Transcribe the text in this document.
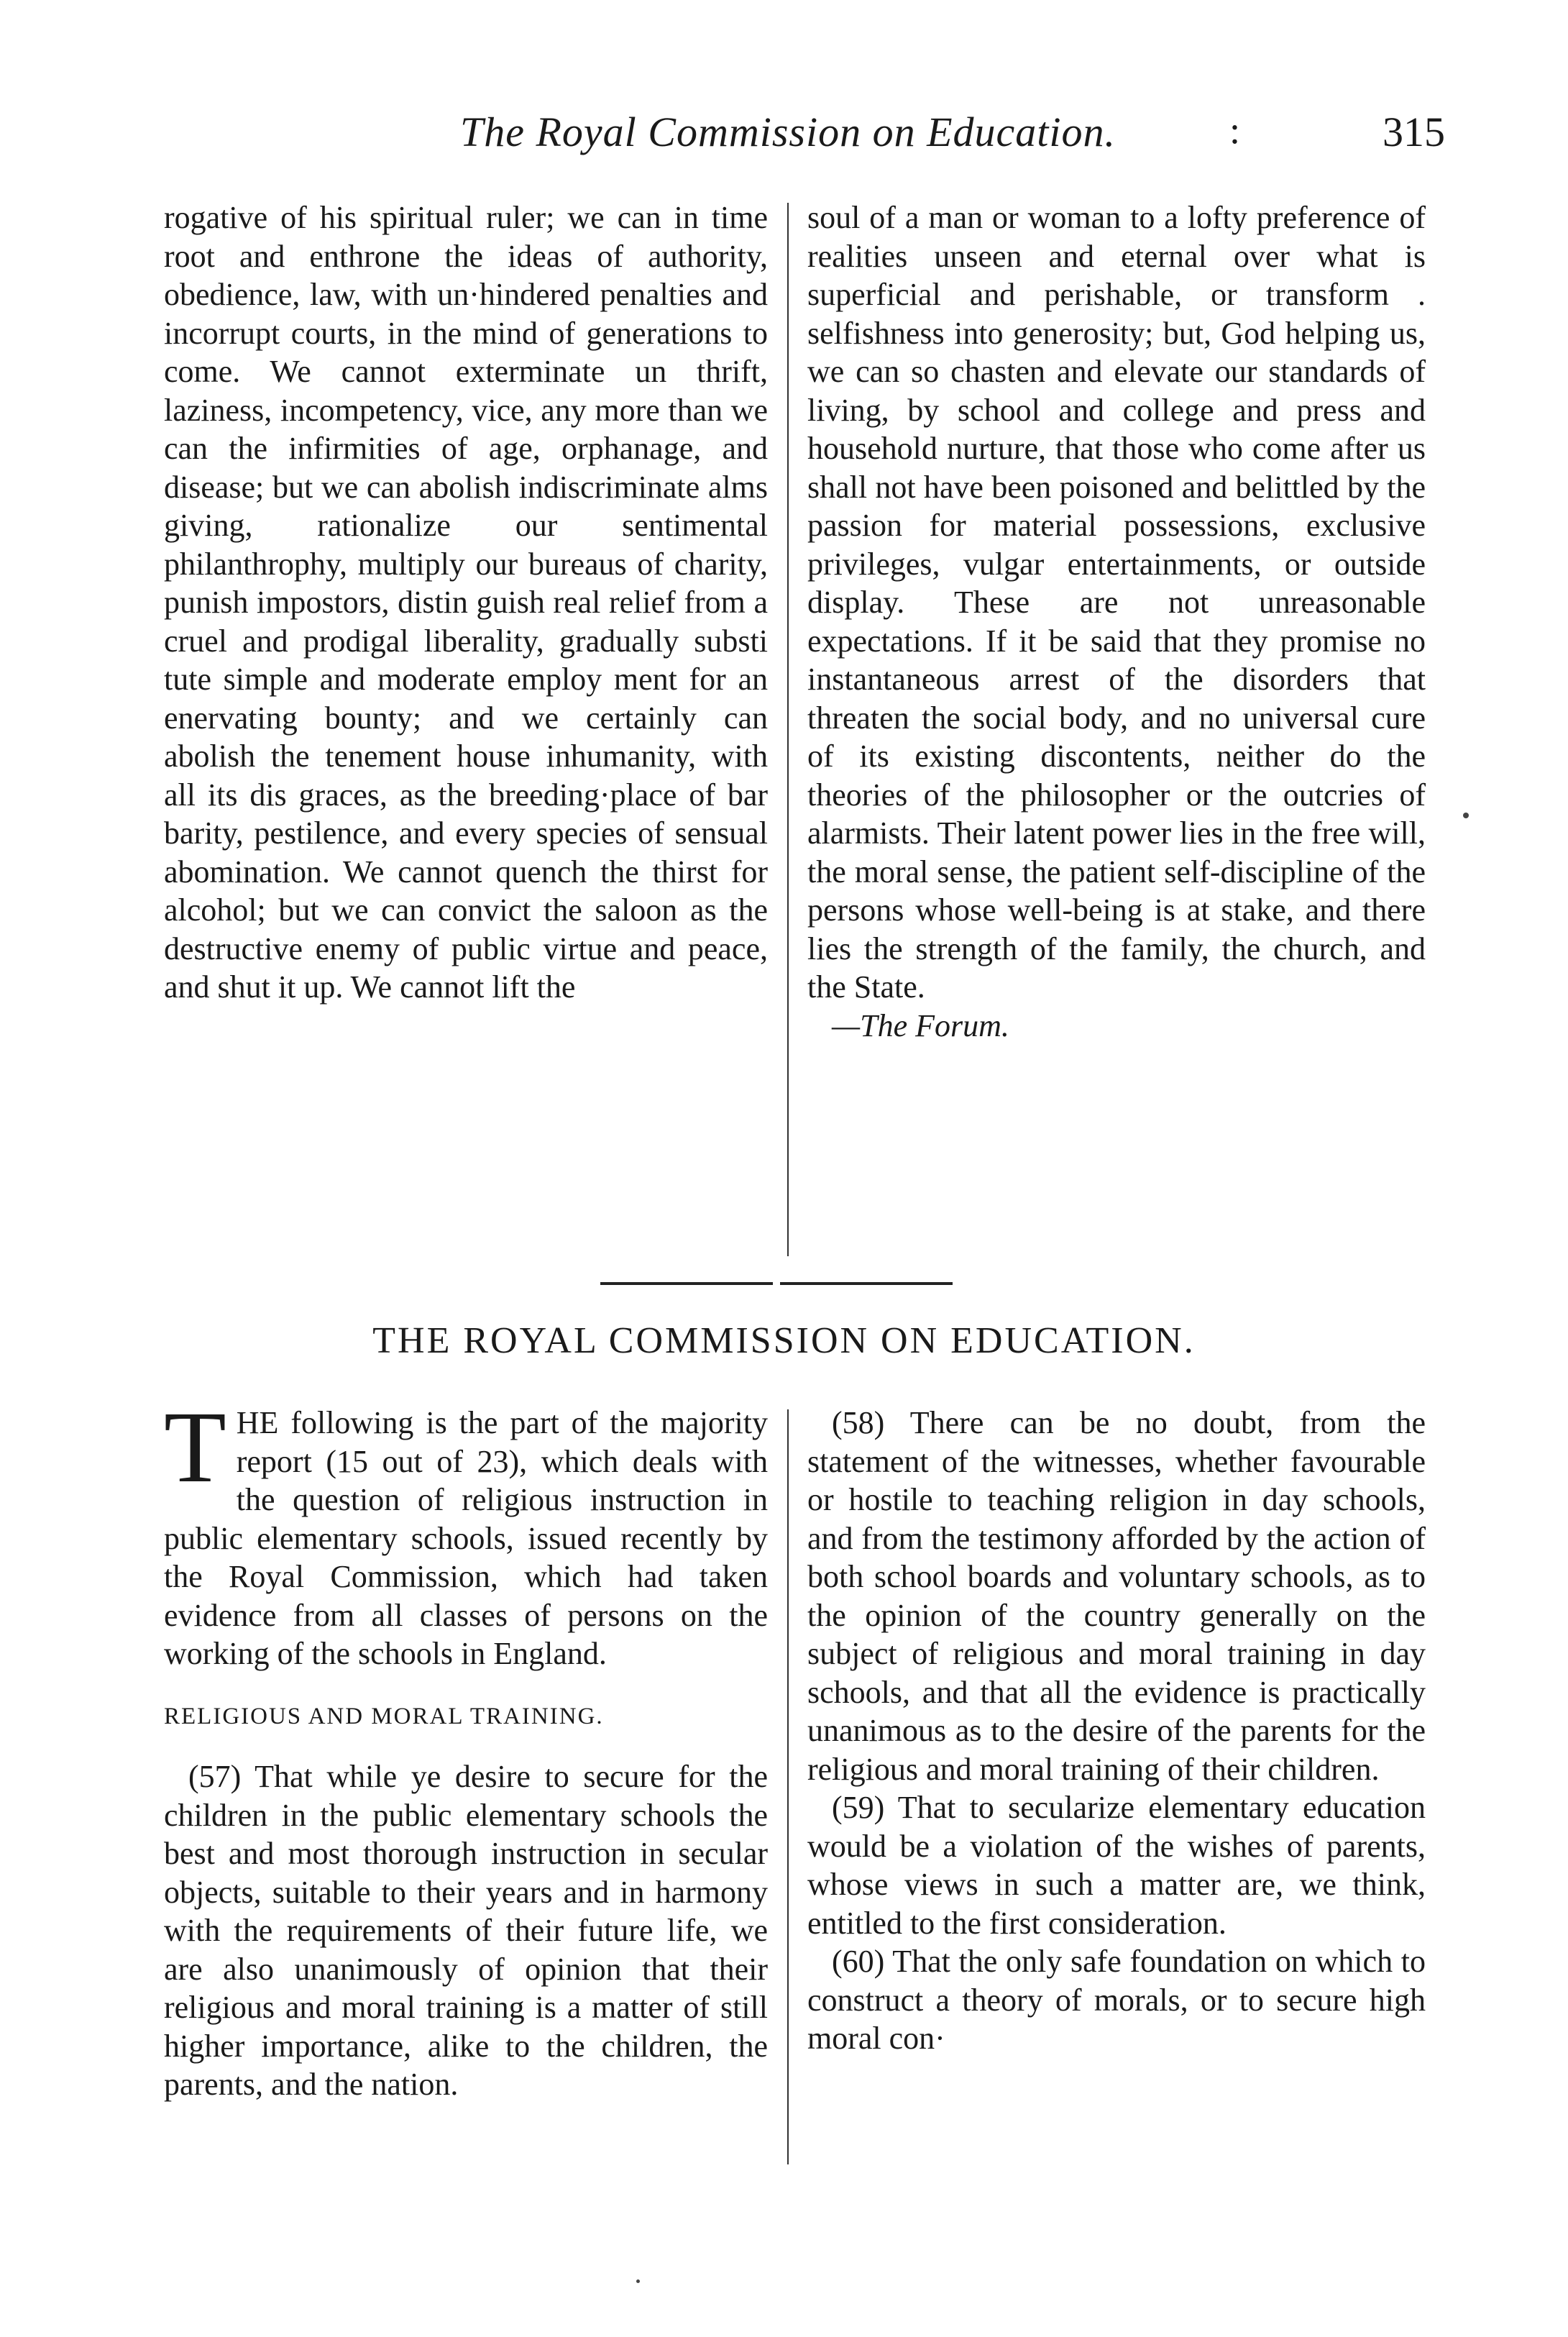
The Royal Commission on Education.	:	315

rogative of his spiritual ruler; we can in time root and enthrone the ideas of authority, obedience, law, with un·hindered penalties and incorrupt courts, in the mind of generations to come. We cannot exterminate un thrift, laziness, incompetency, vice, any more than we can the infirmities of age, orphanage, and disease; but we can abolish indiscriminate alms giving, rationalize our sentimental philanthrophy, multiply our bureaus of charity, punish impostors, distin guish real relief from a cruel and prodigal liberality, gradually substi tute simple and moderate employ ment for an enervating bounty; and we certainly can abolish the tenement house inhumanity, with all its dis graces, as the breeding·place of bar barity, pestilence, and every species of sensual abomination. We cannot quench the thirst for alcohol; but we can convict the saloon as the destructive enemy of public virtue and peace, and shut it up. We cannot lift the

soul of a man or woman to a lofty preference of realities unseen and eternal over what is superficial and perishable, or transform . selfishness into generosity; but, God helping us, we can so chasten and elevate our standards of living, by school and college and press and household nurture, that those who come after us shall not have been poisoned and belittled by the passion for material possessions, exclusive privileges, vulgar entertainments, or outside display. These are not unreasonable expectations. If it be said that they promise no instantaneous arrest of the disorders that threaten the social body, and no universal cure of its existing discontents, neither do the theories of the philosopher or the outcries of alarmists. Their latent power lies in the free will, the moral sense, the patient self-discipline of the persons whose well-being is at stake, and there lies the strength of the family, the church, and the State.

—The Forum.

THE ROYAL COMMISSION ON EDUCATION.

THE following is the part of the majority report (15 out of 23), which deals with the question of religious instruction in public elementary schools, issued recently by the Royal Commission, which had taken evidence from all classes of persons on the working of the schools in England.

RELIGIOUS AND MORAL TRAINING.

(57) That while ye desire to secure for the children in the public elementary schools the best and most thorough instruction in secular objects, suitable to their years and in harmony with the requirements of their future life, we are also unanimously of opinion that their religious and moral training is a matter of still higher importance, alike to the children, the parents, and the nation.

(58) There can be no doubt, from the statement of the witnesses, whether favourable or hostile to teaching religion in day schools, and from the testimony afforded by the action of both school boards and voluntary schools, as to the opinion of the country generally on the subject of religious and moral training in day schools, and that all the evidence is practically unanimous as to the desire of the parents for the religious and moral training of their children.

(59) That to secularize elementary education would be a violation of the wishes of parents, whose views in such a matter are, we think, entitled to the first consideration.

(60) That the only safe foundation on which to construct a theory of morals, or to secure high moral con·
